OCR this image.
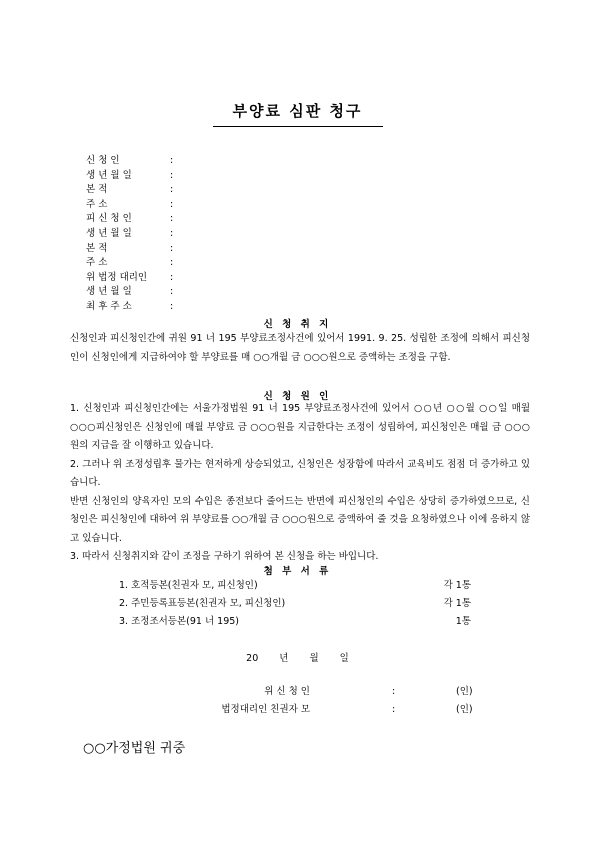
부양료 심판 청구
신 청 인	:
생 년 월 일	:
본 적	:
주 소	:
피 신 청 인	:
생 년 월 일	:
본 적	:
주 소	:
위 법정 대리인	:
생 년 월 일	:
최 후 주 소	:
신 청 취 지

신청인과 피신청인간에 귀원 91 너 195 부양료조정사건에 있어서 1991. 9. 25. 성립한 조정에 의해서 피신청인이 신청인에게 지급하여야 할 부양료를 매 ○○개월 금 ○○○원으로 증액하는 조정을 구함.

신 청 원 인

1. 신청인과 피신청인간에는 서울가정법원 91 너 195 부양료조정사건에 있어서 ○○년 ○○월 ○○일 매월 ○○○피신청인은 신청인에 매월 부양료 금 ○○○원을 지급한다는 조정이 성립하여, 피신청인은 매월 금 ○○○원의 지급을 잘 이행하고 있습니다.

2. 그러나 위 조정성립후 물가는 현저하게 상승되었고, 신청인은 성장함에 따라서 교육비도 점점 더 증가하고 있습니다.

반면 신청인의 양육자인 모의 수입은 종전보다 줄어드는 반면에 피신청인의 수입은 상당히 증가하였으므로, 신청인은 피신청인에 대하여 위 부양료를 ○○개월 금 ○○○원으로 증액하여 줄 것을 요청하였으나 이에 응하지 않고 있습니다.

3. 따라서 신청취지와 같이 조정을 구하기 위하여 본 신청을 하는 바입니다.

첨 부 서 류
1. 호적등본(친권자 모, 피신청인)	각 1통
2. 주민등록표등본(친권자 모, 피신청인)	각 1통
3. 조정조서등본(91 너 195)	1통
20 년 월 일
위 신 청 인	:	(인)
법정대리인 친권자 모	:	(인)
○○가정법원 귀중
